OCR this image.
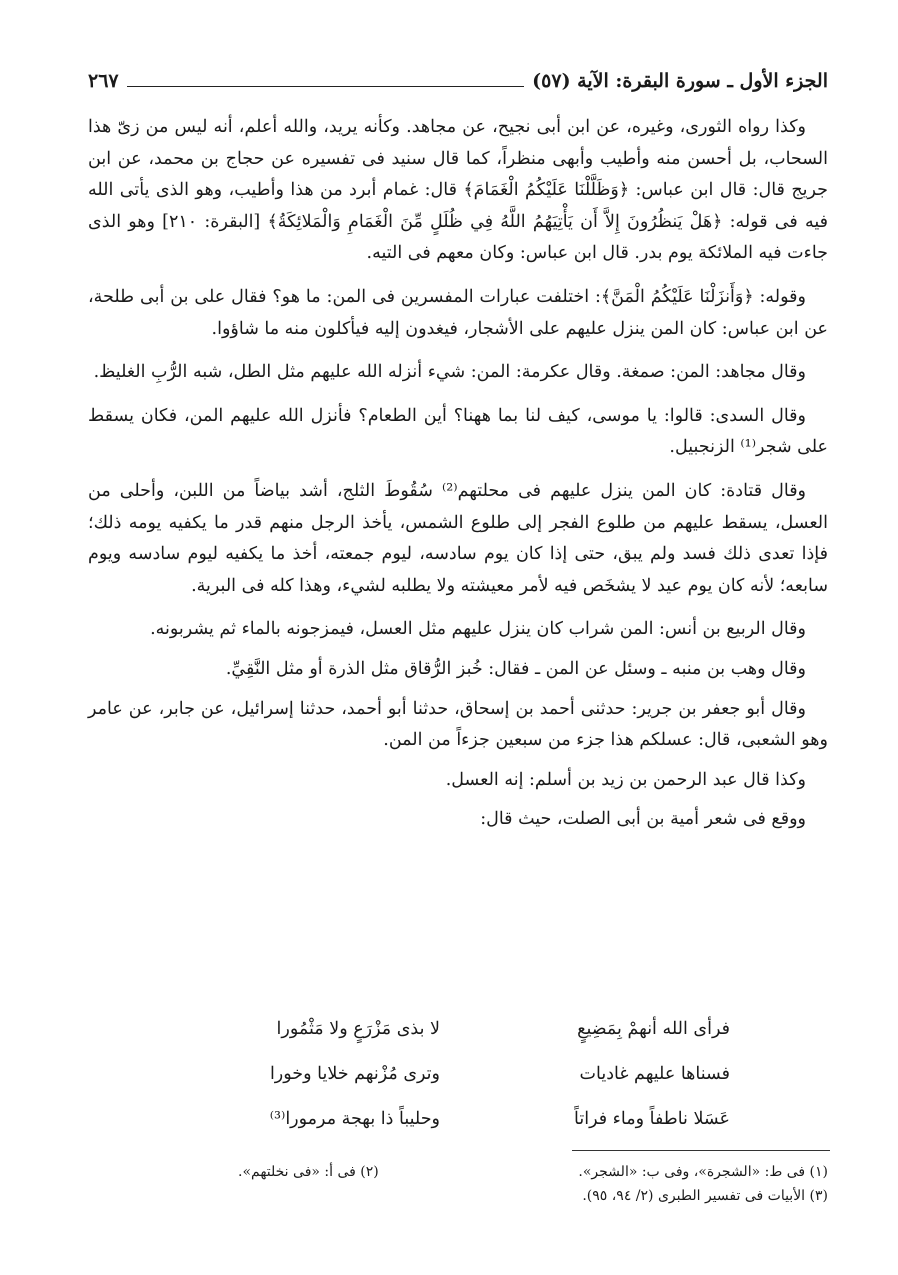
الجزء الأول ـ سورة البقرة: الآية (٥٧)
٢٦٧

وكذا رواه الثورى، وغيره، عن ابن أبى نجيح، عن مجاهد. وكأنه يريد، والله أعلم، أنه ليس من زىّ هذا السحاب، بل أحسن منه وأطيب وأبهى منظراً، كما قال سنيد فى تفسيره عن حجاج بن محمد، عن ابن جريج قال: قال ابن عباس: ﴿وَظَلَّلْنَا عَلَيْكُمُ الْغَمَامَ﴾ قال: غمام أبرد من هذا وأطيب، وهو الذى يأتى الله فيه فى قوله: ﴿هَلْ يَنظُرُونَ إِلاَّ أَن يَأْتِيَهُمُ اللَّهُ فِي ظُلَلٍ مِّنَ الْغَمَامِ وَالْمَلائِكَةُ﴾ [البقرة: ٢١٠] وهو الذى جاءت فيه الملائكة يوم بدر. قال ابن عباس: وكان معهم فى التيه.

وقوله: ﴿وَأَنزَلْنَا عَلَيْكُمُ الْمَنَّ﴾: اختلفت عبارات المفسرين فى المن: ما هو؟ فقال على بن أبى طلحة، عن ابن عباس: كان المن ينزل عليهم على الأشجار، فيغدون إليه فيأكلون منه ما شاؤوا.

وقال مجاهد: المن: صمغة. وقال عكرمة: المن: شيء أنزله الله عليهم مثل الطل، شبه الرُّبِ الغليظ.

وقال السدى: قالوا: يا موسى، كيف لنا بما ههنا؟ أين الطعام؟ فأنزل الله عليهم المن، فكان يسقط على شجر⁽¹⁾ الزنجبيل.

وقال قتادة: كان المن ينزل عليهم فى محلتهم⁽²⁾ سُقُوطَ الثلج، أشد بياضاً من اللبن، وأحلى من العسل، يسقط عليهم من طلوع الفجر إلى طلوع الشمس، يأخذ الرجل منهم قدر ما يكفيه يومه ذلك؛ فإذا تعدى ذلك فسد ولم يبق، حتى إذا كان يوم سادسه، ليوم جمعته، أخذ ما يكفيه ليوم سادسه ويوم سابعه؛ لأنه كان يوم عيد لا يشخَص فيه لأمر معيشته ولا يطلبه لشيء، وهذا كله فى البرية.

وقال الربيع بن أنس: المن شراب كان ينزل عليهم مثل العسل، فيمزجونه بالماء ثم يشربونه.

وقال وهب بن منبه ـ وسئل عن المن ـ فقال: خُبز الرُّقاق مثل الذرة أو مثل النَّقِيِّ.

وقال أبو جعفر بن جرير: حدثنى أحمد بن إسحاق، حدثنا أبو أحمد، حدثنا إسرائيل، عن جابر، عن عامر وهو الشعبى، قال: عسلكم هذا جزء من سبعين جزءاً من المن.

وكذا قال عبد الرحمن بن زيد بن أسلم: إنه العسل.

ووقع فى شعر أمية بن أبى الصلت، حيث قال:

فرأى الله أنهمْ بِمَضِيعٍ
لا بذى مَزْرَعٍ ولا مَثْمُورا
فسناها عليهم غاديات
وترى مُزْنهم خلايا وخورا
عَسَلا ناطفاً وماء فراتاً
وحليباً ذا بهجة مرمورا⁽³⁾
(١) فى ط: «الشجرة»، وفى ب: «الشجر».
(٣) الأبيات فى تفسير الطبرى (٢/ ٩٤، ٩٥).
(٢) فى أ: «فى نخلتهم».
